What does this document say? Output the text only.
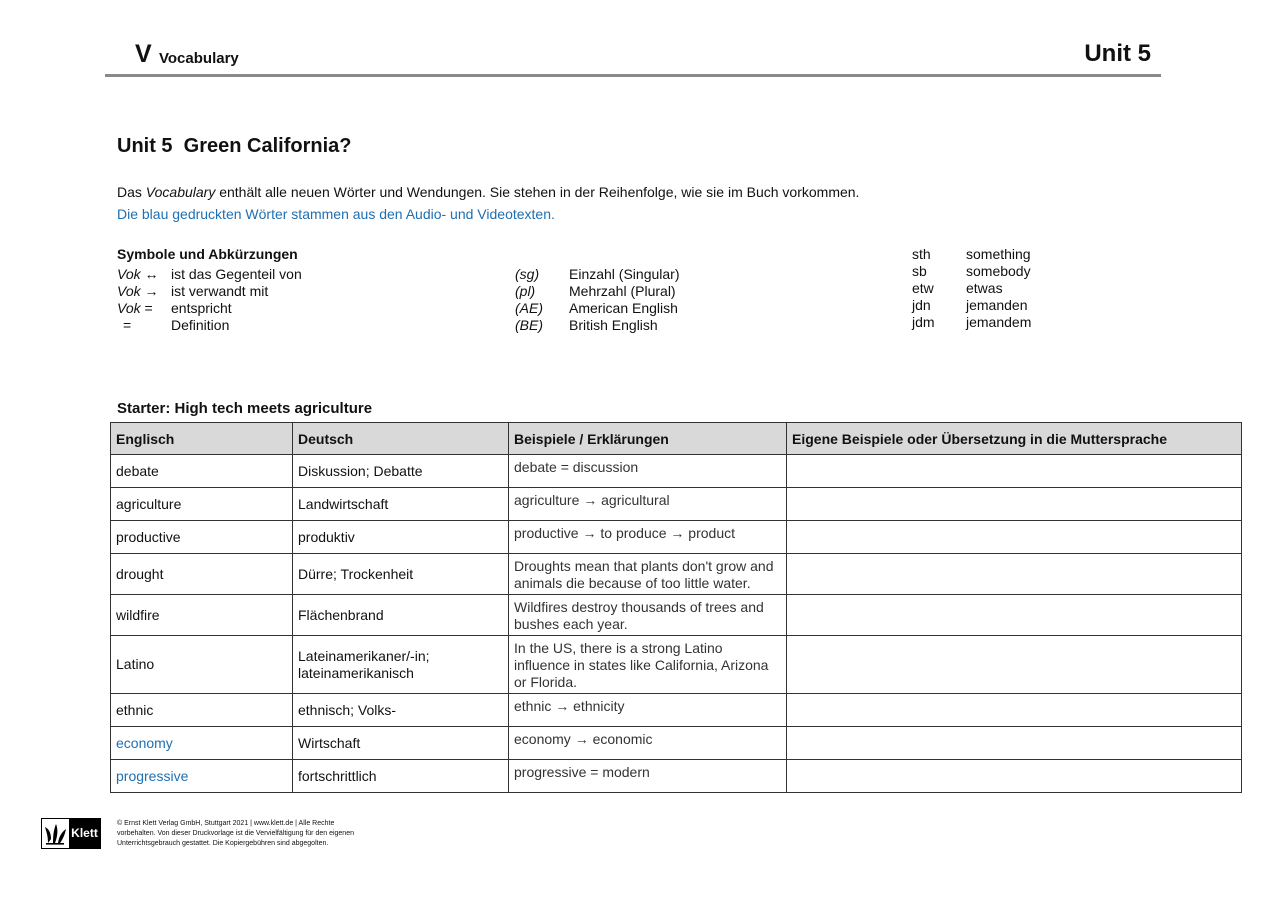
V Vocabulary	Unit 5
Unit 5  Green California?
Das Vocabulary enthält alle neuen Wörter und Wendungen. Sie stehen in der Reihenfolge, wie sie im Buch vorkommen.
Die blau gedruckten Wörter stammen aus den Audio- und Videotexten.
Symbole und Abkürzungen
Vok ↔ ist das Gegenteil von
Vok → ist verwandt mit
Vok = entspricht
=	Definition
(sg) Einzahl (Singular)
(pl) Mehrzahl (Plural)
(AE) American English
(BE) British English
sth	something
sb	somebody
etw etwas
jdn	jemanden
jdm jemandem
Starter: High tech meets agriculture
Englisch	Deutsch	Beispiele / Erklärungen	Eigene Beispiele oder Übersetzung in die Muttersprache
debate	Diskussion; Debatte	debate = discussion	
agriculture	Landwirtschaft	agriculture → agricultural	
productive	produktiv	productive → to produce → product	
drought	Dürre; Trockenheit	Droughts mean that plants don't grow and animals die because of too little water.	
wildfire	Flächenbrand	Wildfires destroy thousands of trees and bushes each year.	
Latino	Lateinamerikaner/-in; lateinamerikanisch	In the US, there is a strong Latino influence in states like California, Arizona or Florida.	
ethnic	ethnisch; Volks-	ethnic → ethnicity	
economy	Wirtschaft	economy → economic	
progressive	fortschrittlich	progressive = modern	
Klett
© Ernst Klett Verlag GmbH, Stuttgart 2021 | www.klett.de | Alle Rechte
vorbehalten. Von dieser Druckvorlage ist die Vervielfältigung für den eigenen
Unterrichtsgebrauch gestattet. Die Kopiergebühren sind abgegolten.
